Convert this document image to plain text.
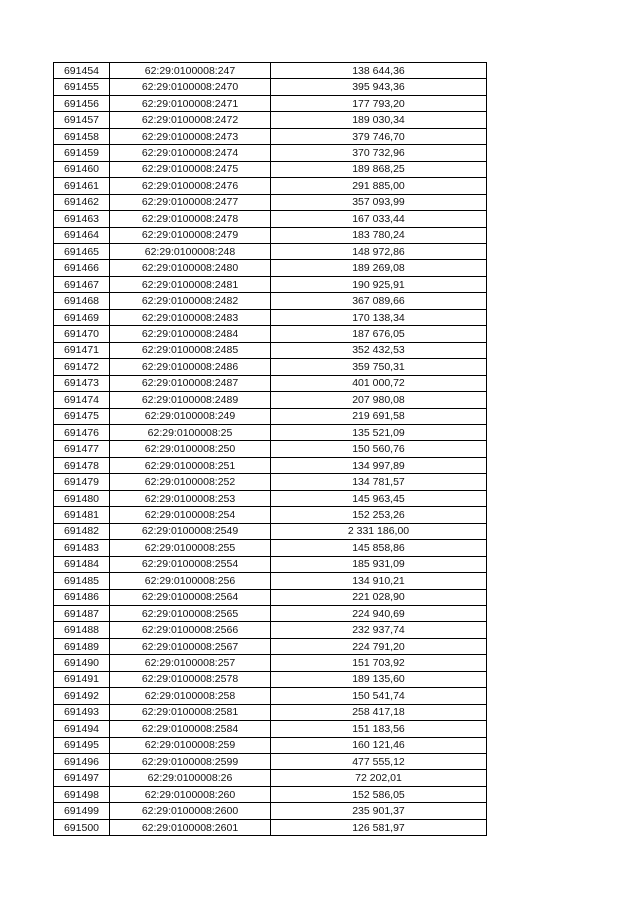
691454	62:29:0100008:247	138 644,36
691455	62:29:0100008:2470	395 943,36
691456	62:29:0100008:2471	177 793,20
691457	62:29:0100008:2472	189 030,34
691458	62:29:0100008:2473	379 746,70
691459	62:29:0100008:2474	370 732,96
691460	62:29:0100008:2475	189 868,25
691461	62:29:0100008:2476	291 885,00
691462	62:29:0100008:2477	357 093,99
691463	62:29:0100008:2478	167 033,44
691464	62:29:0100008:2479	183 780,24
691465	62:29:0100008:248	148 972,86
691466	62:29:0100008:2480	189 269,08
691467	62:29:0100008:2481	190 925,91
691468	62:29:0100008:2482	367 089,66
691469	62:29:0100008:2483	170 138,34
691470	62:29:0100008:2484	187 676,05
691471	62:29:0100008:2485	352 432,53
691472	62:29:0100008:2486	359 750,31
691473	62:29:0100008:2487	401 000,72
691474	62:29:0100008:2489	207 980,08
691475	62:29:0100008:249	219 691,58
691476	62:29:0100008:25	135 521,09
691477	62:29:0100008:250	150 560,76
691478	62:29:0100008:251	134 997,89
691479	62:29:0100008:252	134 781,57
691480	62:29:0100008:253	145 963,45
691481	62:29:0100008:254	152 253,26
691482	62:29:0100008:2549	2 331 186,00
691483	62:29:0100008:255	145 858,86
691484	62:29:0100008:2554	185 931,09
691485	62:29:0100008:256	134 910,21
691486	62:29:0100008:2564	221 028,90
691487	62:29:0100008:2565	224 940,69
691488	62:29:0100008:2566	232 937,74
691489	62:29:0100008:2567	224 791,20
691490	62:29:0100008:257	151 703,92
691491	62:29:0100008:2578	189 135,60
691492	62:29:0100008:258	150 541,74
691493	62:29:0100008:2581	258 417,18
691494	62:29:0100008:2584	151 183,56
691495	62:29:0100008:259	160 121,46
691496	62:29:0100008:2599	477 555,12
691497	62:29:0100008:26	72 202,01
691498	62:29:0100008:260	152 586,05
691499	62:29:0100008:2600	235 901,37
691500	62:29:0100008:2601	126 581,97
